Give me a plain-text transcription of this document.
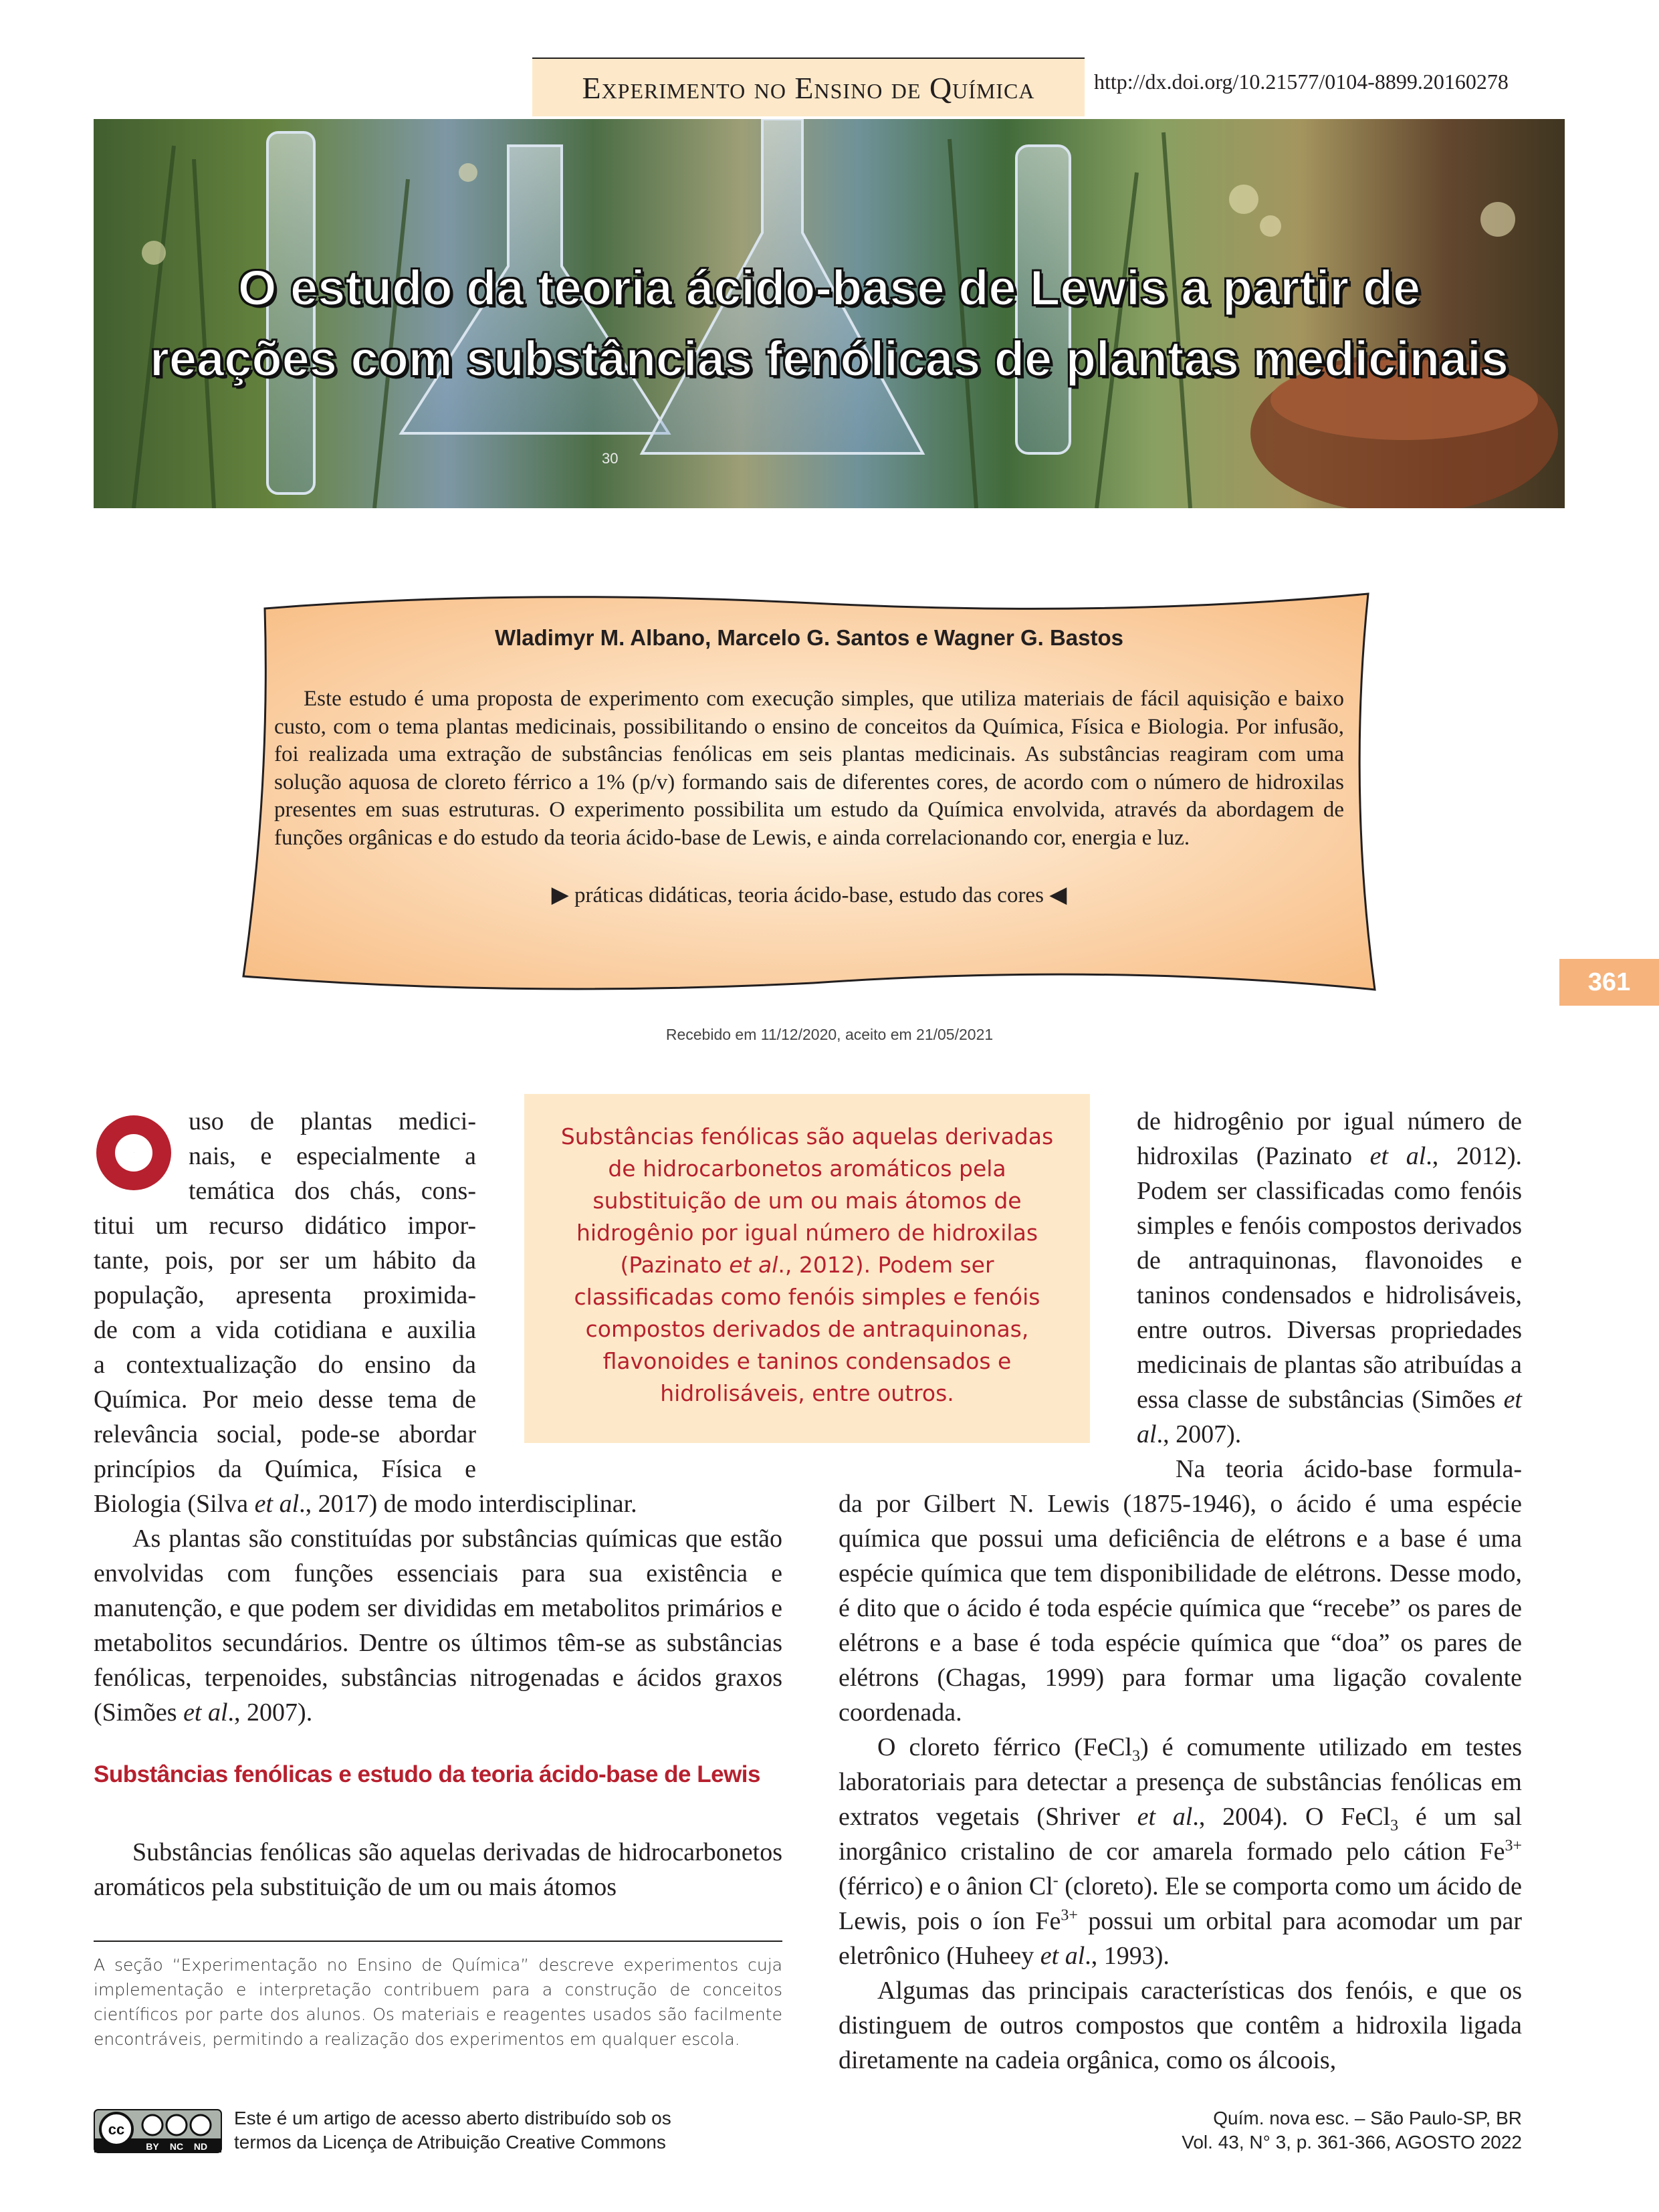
Experimento no Ensino de Química	http://dx.doi.org/10.21577/0104-8899.20160278
30
O estudo da teoria ácido-base de Lewis a partir de
reações com substâncias fenólicas de plantas medicinais
Wladimyr M. Albano, Marcelo G. Santos e Wagner G. Bastos

Este estudo é uma proposta de experimento com execução simples, que utiliza materiais de fácil aquisição e baixo custo, com o tema plantas medicinais, possibilitando o ensino de conceitos da Química, Física e Biologia. Por infusão, foi realizada uma extração de substâncias fenólicas em seis plantas medicinais. As substâncias reagiram com uma solução aquosa de cloreto férrico a 1% (p/v) formando sais de diferentes cores, de acordo com o número de hidroxilas presentes em suas estruturas. O experimento possibilita um estudo da Química envolvida, através da abordagem de funções orgânicas e do estudo da teoria ácido-base de Lewis, e ainda correlacionando cor, energia e luz.

▶ práticas didáticas, teoria ácido-base, estudo das cores ◀
Recebido em 11/12/2020, aceito em 21/05/2021
361
O

uso de plantas medici-

nais, e especialmente a

temática dos chás, cons-

titui um recurso didático impor-

tante, pois, por ser um hábito da

população, apresenta proximida-

de com a vida cotidiana e auxilia

a contextualização do ensino da

Química. Por meio desse tema de

relevância social, pode-se abordar

princípios da Química, Física e

Biologia (Silva et al., 2017) de modo interdisciplinar.

As plantas são constituídas por substâncias químicas que estão envolvidas com funções essenciais para sua existência e manutenção, e que podem ser divididas em metabolitos primários e metabolitos secundários. Dentre os últimos têm-se as substâncias fenólicas, terpenoides, substâncias nitrogenadas e ácidos graxos (Simões et al., 2007).

Substâncias fenólicas e estudo da teoria ácido-base de Lewis

Substâncias fenólicas são aquelas derivadas de hidrocarbonetos aromáticos pela substituição de um ou mais átomos

Substâncias fenólicas são aquelas derivadas de hidrocarbonetos aromáticos pela substituição de um ou mais átomos de hidrogênio por igual número de hidroxilas (Pazinato et al., 2012). Podem ser classificadas como fenóis simples e fenóis compostos derivados de antraquinonas, flavonoides e taninos condensados e hidrolisáveis, entre outros.

de hidrogênio por igual número de hidroxilas (Pazinato et al., 2012). Podem ser classificadas como fenóis simples e fenóis compostos derivados de antraquinonas, flavonoides e taninos condensados e hidrolisáveis, entre outros. Diversas propriedades medicinais de plantas são atribuídas a essa classe de substâncias (Simões et al., 2007).

Na teoria ácido-base formula-

da por Gilbert N. Lewis (1875-1946), o ácido é uma espécie química que possui uma deficiência de elétrons e a base é uma espécie química que tem disponibilidade de elétrons. Desse modo, é dito que o ácido é toda espécie química que “recebe” os pares de elétrons e a base é toda espécie química que “doa” os pares de elétrons (Chagas, 1999) para formar uma ligação covalente coordenada.

O cloreto férrico (FeCl$_3$) é comumente utilizado em testes laboratoriais para detectar a presença de substâncias fenólicas em extratos vegetais (Shriver et al., 2004). O FeCl$_3$ é um sal inorgânico cristalino de cor amarela formado pelo cátion $Fe^{3+}$ (férrico) e o ânion Cl- (cloreto). Ele se comporta como um ácido de Lewis, pois o íon $Fe^{3+}$ possui um orbital para acomodar um par eletrônico (Huheey et al., 1993).

Algumas das principais características dos fenóis, e que os distinguem de outros compostos que contêm a hidroxila ligada diretamente na cadeia orgânica, como os álcoois,

A seção “Experimentação no Ensino de Química” descreve experimentos cuja implementação e interpretação contribuem para a construção de conceitos científicos por parte dos alunos. Os materiais e reagentes usados são facilmente encontráveis, permitindo a realização dos experimentos em qualquer escola.
cc
BY NC ND
Este é um artigo de acesso aberto distribuído sob os
termos da Licença de Atribuição Creative Commons
Quím. nova esc. – São Paulo-SP, BR
Vol. 43, N° 3, p. 361-366, AGOSTO 2022
